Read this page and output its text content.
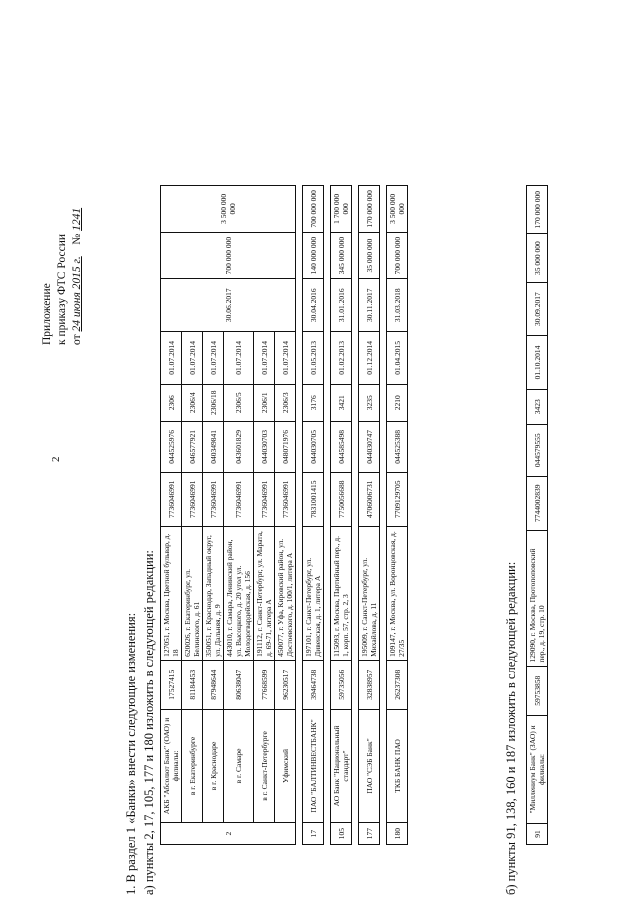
2
Приложение к приказу ФТС России от 24 июня 2015 г.    № 1241
1. В раздел 1 «Банки» внести следующие изменения: а) пункты 2, 17, 105, 177 и 180 изложить в следующей редакции:	2	АКБ "Абсолют Банк" (ОАО) и филиалы:	17527415	127051, г. Москва, Цветной бульвар, д. 18	7736046991	044525976	2306	01.07.2014	30.06.2017	700 000 000	3 500 000 000
	в г. Екатеринбурге	81184453	620026, г. Екатеринбург, ул. Белинского, д. 61	7736046991	046577921	2306/4	01.07.2014			
	в г. Краснодаре	87948644	350051, г. Краснодар, Западный округ, ул. Дальняя, д. 9	7736046991	040349841	2306/18	01.07.2014			
	в г. Самаре	80638047	443010, г. Самара, Ленинский район, ул. Высоцкого, д. 20 угол ул. Молодогвардейская, д. 156	7736046991	043601829	2306/5	01.07.2014			
	в г. Санкт-Петербурге	77668599	191112, г. Санкт-Петербург, ул. Марата, д. 69-71, литера А	7736046991	044030703	2306/1	01.07.2014			
	Уфимский	96230517	450077, г. Уфа, Кировский район, ул. Достоевского, д. 100/1, литера А	7736046991	048071976	2306/3	01.07.2014			

17	ПАО "БАЛТИНВЕСТБАНК"	39464738	197101, г. Санкт-Петербург, ул. Дивенская, д. 1, литера А	7831001415	044030705	3176	01.05.2013	30.04.2016	140 000 000	700 000 000

105	АО Банк "Национальный стандарт"	59735056	115093, г. Москва, Партийный пер., д. 1, корп. 57, стр. 2, 3	7750056688	044585498	3421	01.02.2013	31.01.2016	345 000 000	1 700 000 000

177	ПАО "СЭБ Банк"	32838957	195009, г. Санкт-Петербург, ул. Михайлова, д. 11	4706006731	044030747	3235	01.12.2014	30.11.2017	35 000 000	170 000 000

180	ТКБ БАНК ПАО	26237308	109147, г. Москва, ул. Воронцовская, д. 27/35	7709129705	044525388	2210	01.04.2015	31.03.2018	700 000 000	3 500 000 000
б) пункты 91, 138, 160 и 187 изложить в следующей редакции: 91	"Миллениум Банк" (ЗАО) и филиалы:	59753858	129090, г. Москва, Протопоповский пер., д. 19, стр. 10	7744002839	044579555	3423	01.10.2014	30.09.2017	35 000 000	170 000 000
